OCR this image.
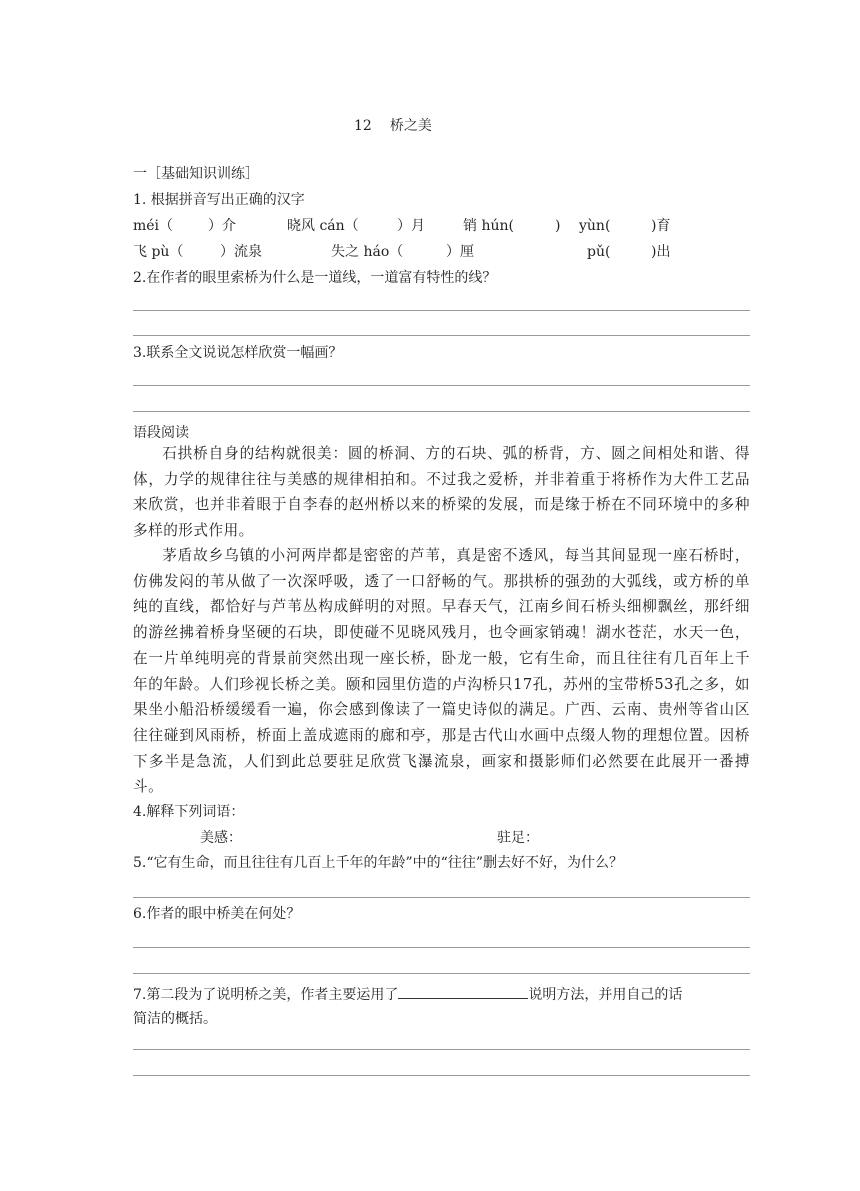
12 桥之美
一［基础知识训练］
1. 根据拼音写出正确的汉字
méi（ ）介	晓风 cán（	）月	销 hún(	) yùn(	)育
飞 pù（	）流泉	失之 háo（	）厘	pǔ(	)出
2.在作者的眼里索桥为什么是一道线，一道富有特性的线？
3.联系全文说说怎样欣赏一幅画？
语段阅读
石拱桥自身的结构就很美：圆的桥洞、方的石块、弧的桥背，方、圆之间相处和谐、得体，力学的规律往往与美感的规律相拍和。不过我之爱桥，并非着重于将桥作为大件工艺品来欣赏，也并非着眼于自李春的赵州桥以来的桥梁的发展，而是缘于桥在不同环境中的多种多样的形式作用。
茅盾故乡乌镇的小河两岸都是密密的芦苇，真是密不透风，每当其间显现一座石桥时，仿佛发闷的苇从做了一次深呼吸，透了一口舒畅的气。那拱桥的强劲的大弧线，或方桥的单纯的直线，都恰好与芦苇丛构成鲜明的对照。早春天气，江南乡间石桥头细柳飘丝，那纤细的游丝拂着桥身坚硬的石块，即使碰不见晓风残月，也令画家销魂！湖水苍茫，水天一色，在一片单纯明亮的背景前突然出现一座长桥，卧龙一般，它有生命，而且往往有几百年上千年的年龄。人们珍视长桥之美。颐和园里仿造的卢沟桥只17孔，苏州的宝带桥53孔之多，如果坐小船沿桥缓缓看一遍，你会感到像读了一篇史诗似的满足。广西、云南、贵州等省山区往往碰到风雨桥，桥面上盖成遮雨的廊和亭，那是古代山水画中点缀人物的理想位置。因桥下多半是急流，人们到此总要驻足欣赏飞瀑流泉，画家和摄影师们必然要在此展开一番搏斗。
4.解释下列词语：
美感：	驻足：
5.“它有生命，而且往往有几百上千年的年龄”中的“往往”删去好不好，为什么？
6.作者的眼中桥美在何处？
7.第二段为了说明桥之美，作者主要运用了	说明方法，并用自己的话
简洁的概括。
